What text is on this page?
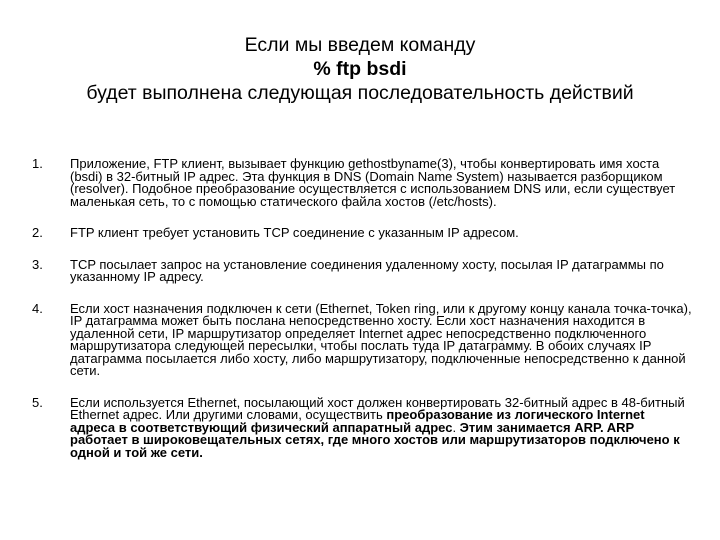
Если мы введем команду
% ftp bsdi
будет выполнена следующая последовательность действий
1. Приложение, FTP клиент, вызывает функцию gethostbyname(3), чтобы конвертировать имя хоста (bsdi) в 32-битный IP адрес. Эта функция в DNS (Domain Name System) называется разборщиком (resolver). Подобное преобразование осуществляется с использованием DNS или, если существует маленькая сеть, то с помощью статического файла хостов (/etc/hosts).
2. FTP клиент требует установить TCP соединение с указанным IP адресом.
3. TCP посылает запрос на установление соединения удаленному хосту, посылая IP датаграммы по указанному IP адресу.
4. Если хост назначения подключен к сети (Ethernet, Token ring, или к другому концу канала точка-точка), IP датаграмма может быть послана непосредственно хосту. Если хост назначения находится в удаленной сети, IP маршрутизатор определяет Internet адрес непосредственно подключенного маршрутизатора следующей пересылки, чтобы послать туда IP датаграмму. В обоих случаях IP датаграмма посылается либо хосту, либо маршрутизатору, подключенные непосредственно к данной сети.
5. Если используется Ethernet, посылающий хост должен конвертировать 32-битный адрес в 48-битный Ethernet адрес. Или другими словами, осуществить преобразование из логического Internet адреса в соответствующий физический аппаратный адрес. Этим занимается ARP. ARP работает в широковещательных сетях, где много хостов или маршрутизаторов подключено к одной и той же сети.
